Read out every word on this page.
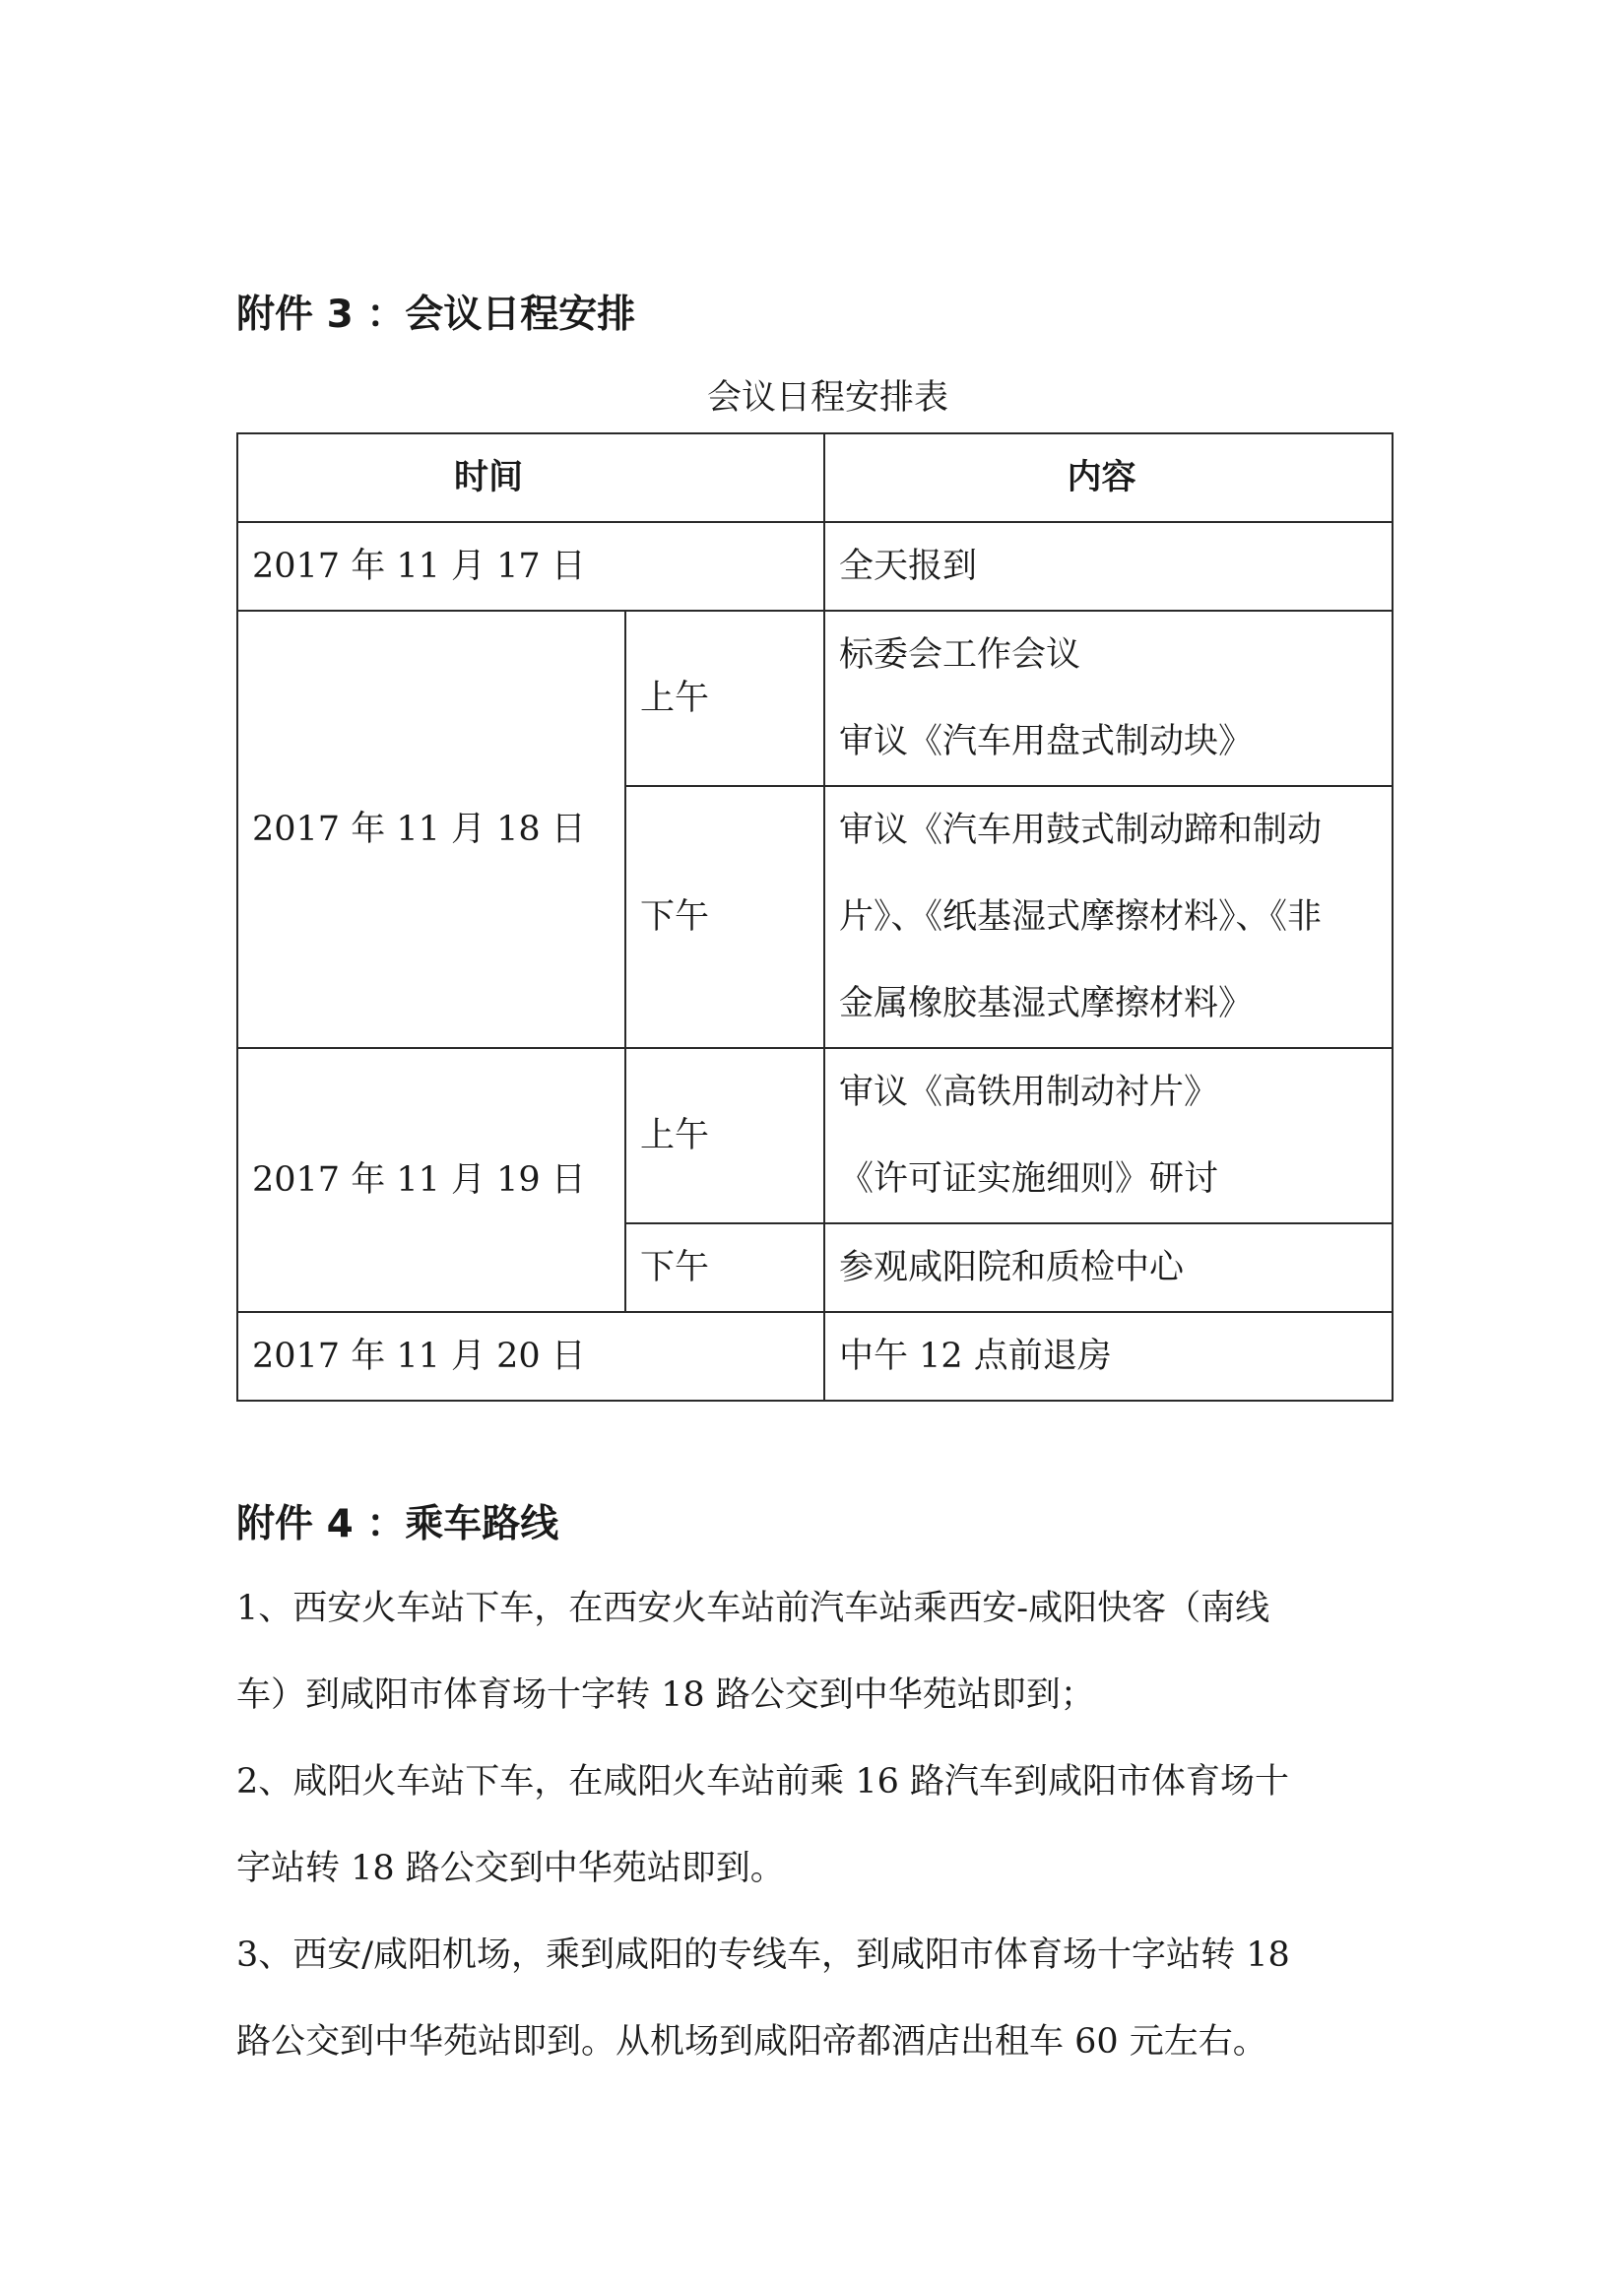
附件 3 ：会议日程安排
会议日程安排表
时间		内容
2017 年 11 月 17 日		全天报到
2017 年 11 月 18 日	上午	标委会工作会议
审议《汽车用盘式制动块》

	下午	审议《汽车用鼓式制动蹄和制动
片》、《纸基湿式摩擦材料》、《非
金属橡胶基湿式摩擦材料》

2017 年 11 月 19 日	上午	审议《高铁用制动衬片》
《许可证实施细则》研讨

	下午	参观咸阳院和质检中心
2017 年 11 月 20 日		中午 12 点前退房
附件 4 ：乘车路线
1、西安火车站下车，在西安火车站前汽车站乘西安-咸阳快客（南线
车）到咸阳市体育场十字转 18 路公交到中华苑站即到；
2、咸阳火车站下车，在咸阳火车站前乘 16 路汽车到咸阳市体育场十
字站转 18 路公交到中华苑站即到。
3、西安/咸阳机场，乘到咸阳的专线车，到咸阳市体育场十字站转 18
路公交到中华苑站即到。从机场到咸阳帝都酒店出租车 60 元左右。
